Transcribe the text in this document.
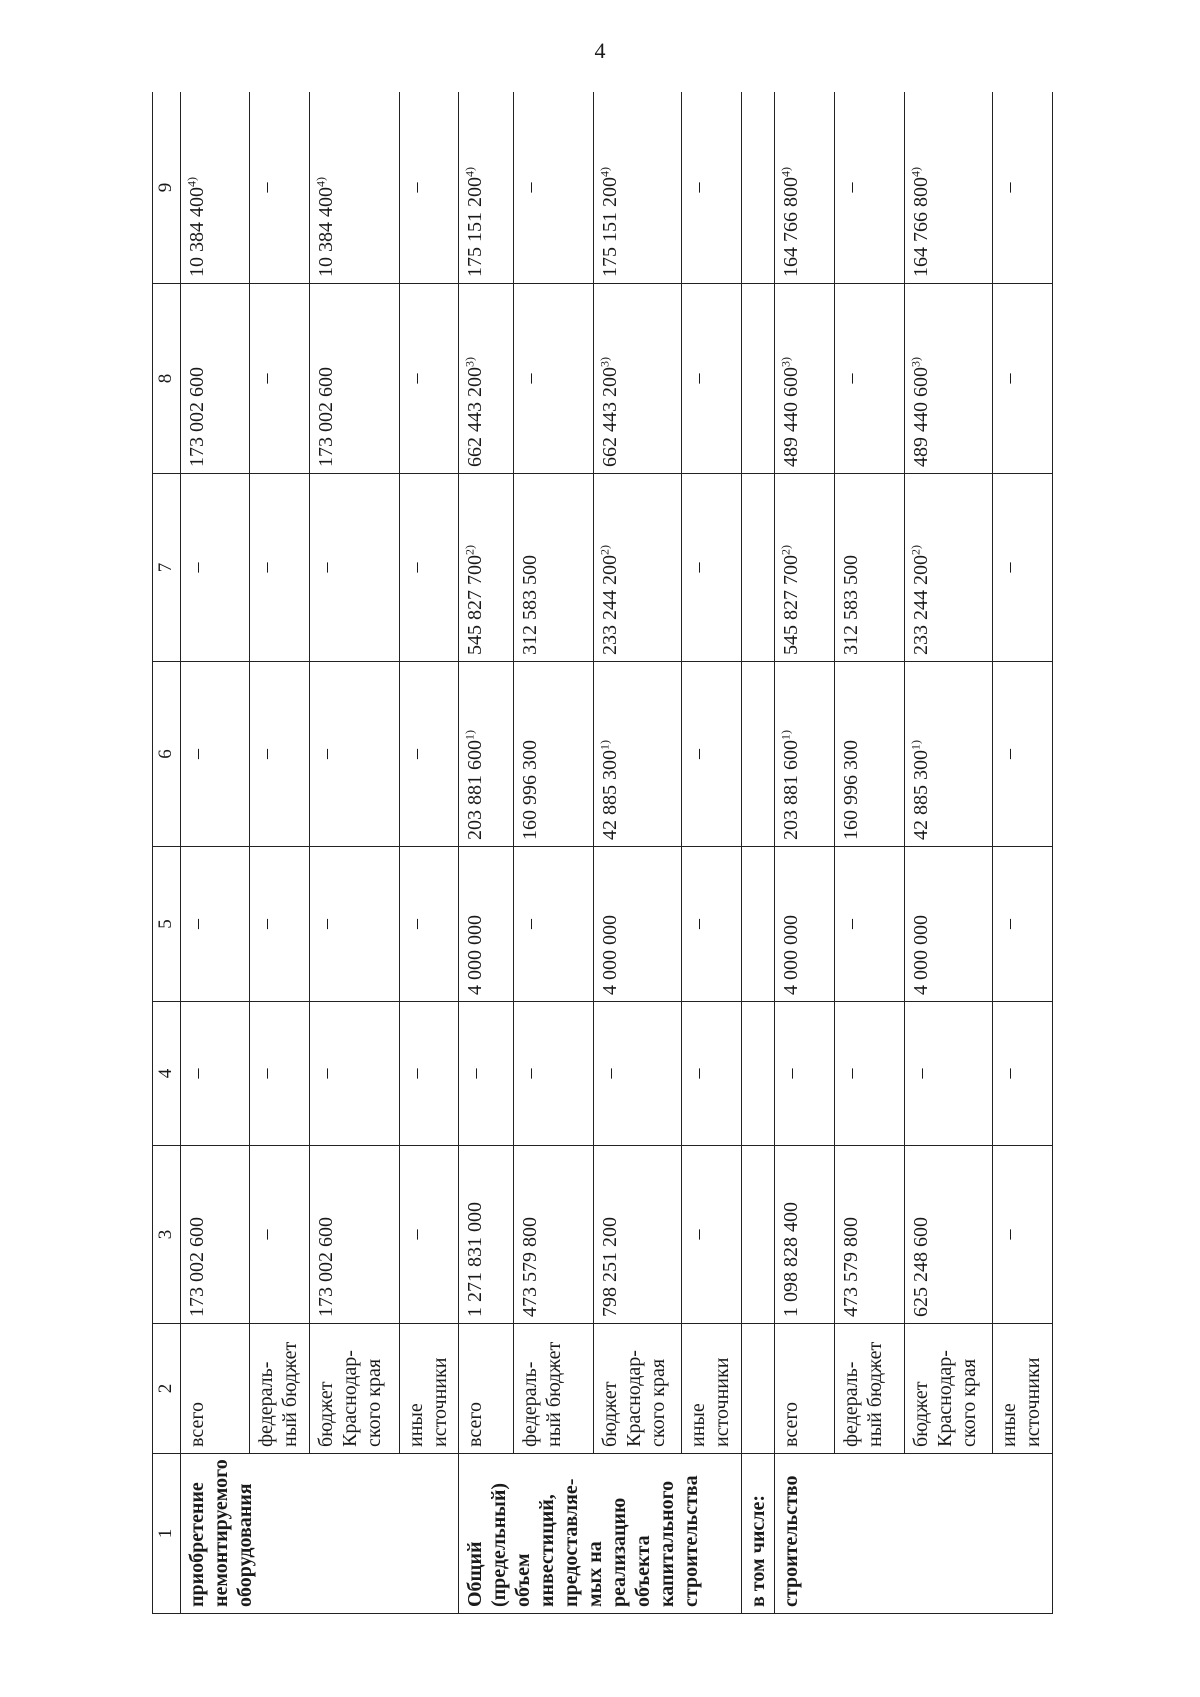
4
1	2	3	4	5	6	7	8	9
приобретение немонтируемого оборудования	всего	173 002 600	–	–	–	–	173 002 600	10 384 400$^{4)}$
	федераль-ный бюджет	–	–	–	–	–	–	–
	бюджет Краснодар-ского края	173 002 600	–	–	–	–	173 002 600	10 384 400$^{4)}$
	иные источники	–	–	–	–	–	–	–
Общий (предельный) объем инвестиций, предоставляе-мых на реализацию объекта капитального строительства	всего	1 271 831 000	–	4 000 000	203 881 600$^{1)}$	545 827 700$^{2)}$	662 443 200$^{3)}$	175 151 200$^{4)}$
	федераль-ный бюджет	473 579 800	–	–	160 996 300	312 583 500	–	–
	бюджет Краснодар-ского края	798 251 200	–	4 000 000	42 885 300$^{1)}$	233 244 200$^{2)}$	662 443 200$^{3)}$	175 151 200$^{4)}$
	иные источники	–	–	–	–	–	–	–
в том числе:								
строительство	всего	1 098 828 400	–	4 000 000	203 881 600$^{1)}$	545 827 700$^{2)}$	489 440 600$^{3)}$	164 766 800$^{4)}$
	федераль-ный бюджет	473 579 800	–	–	160 996 300	312 583 500	–	–
	бюджет Краснодар-ского края	625 248 600	–	4 000 000	42 885 300$^{1)}$	233 244 200$^{2)}$	489 440 600$^{3)}$	164 766 800$^{4)}$
	иные источники	–	–	–	–	–	–	–
